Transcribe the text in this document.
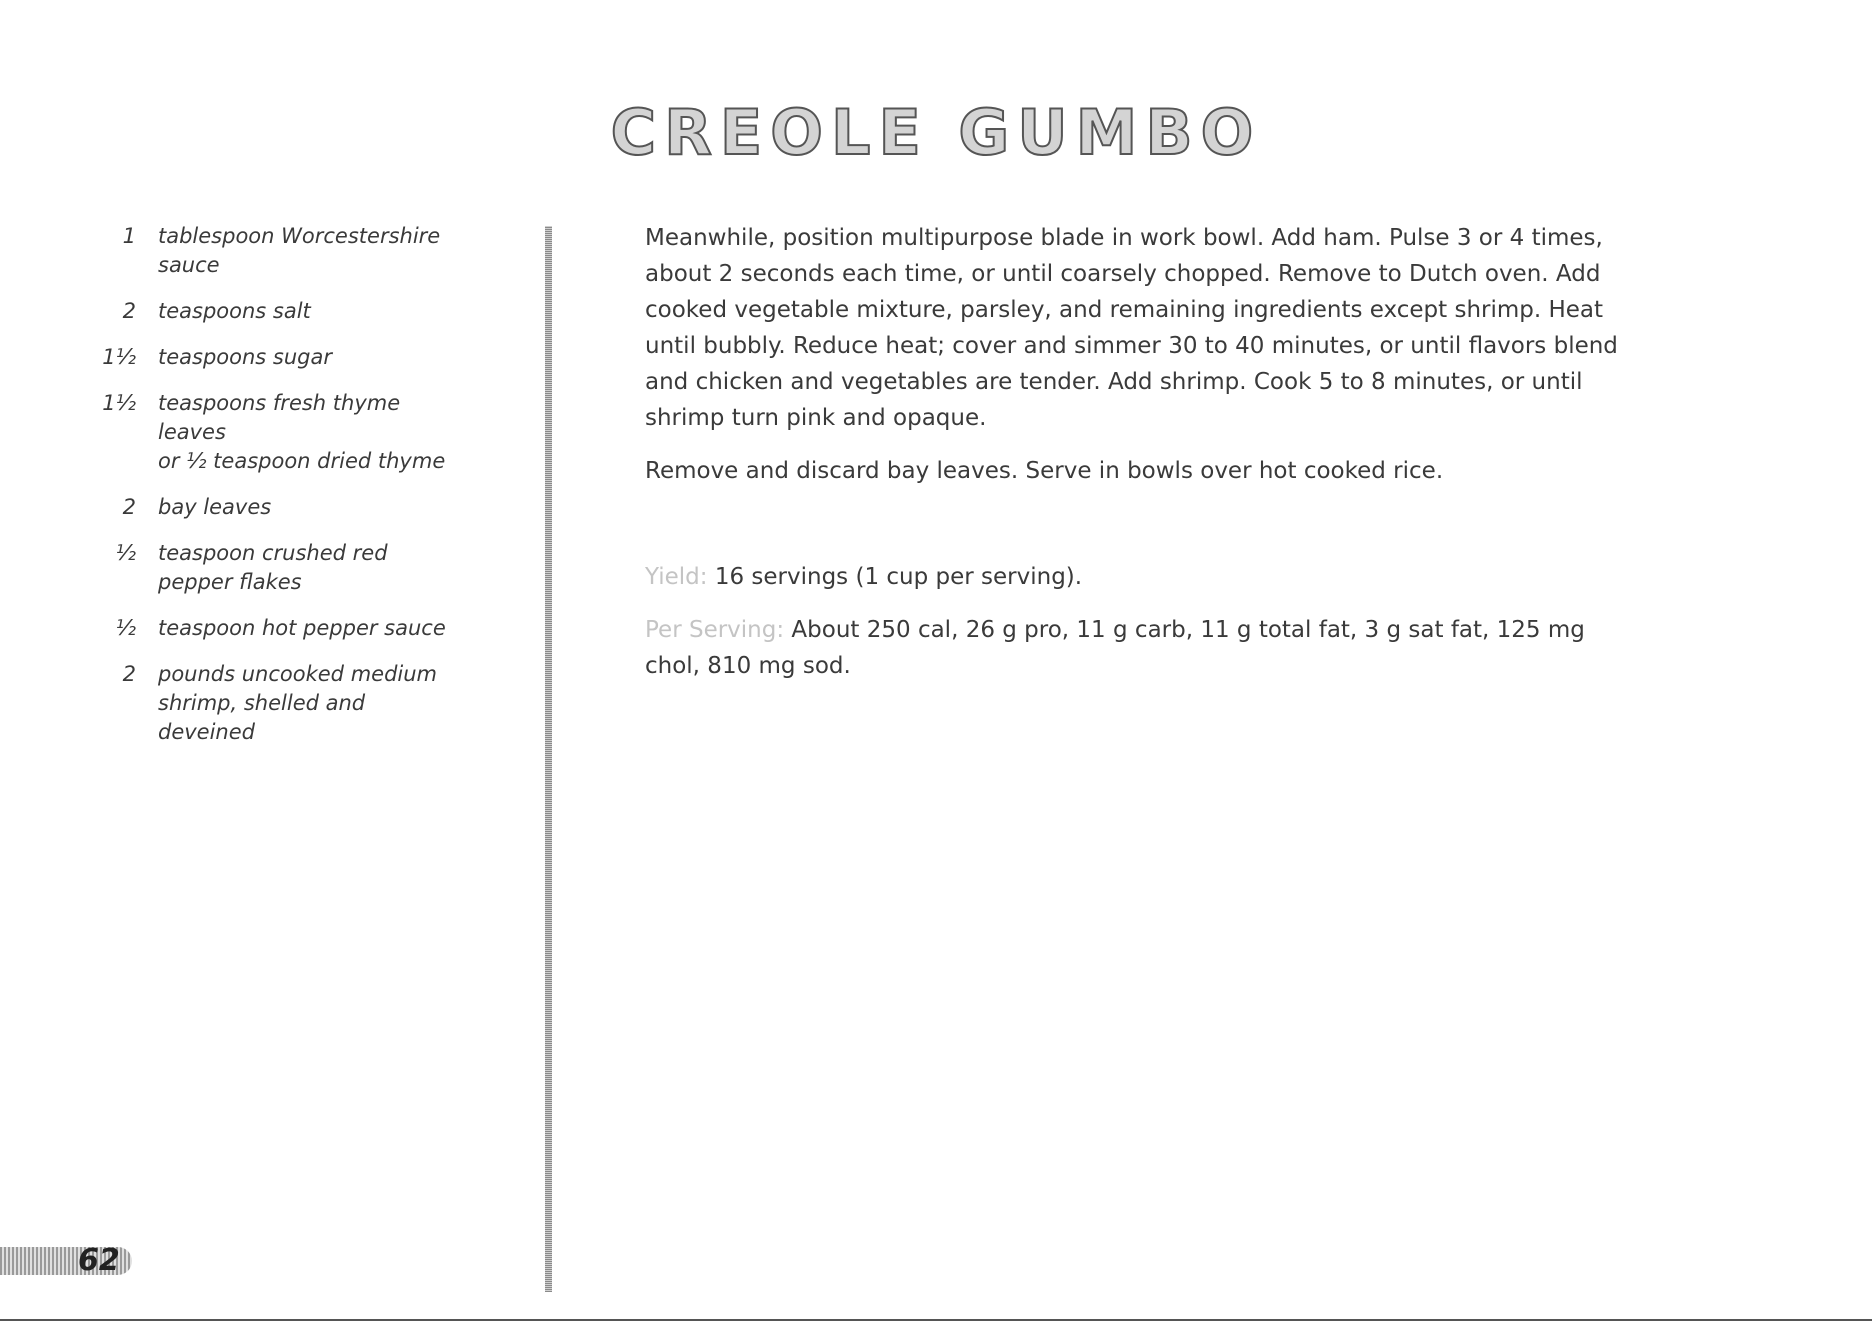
CREOLE GUMBO
1	tablespoon Worcestershire
sauce
2	teaspoons salt
1½	teaspoons sugar
1½	teaspoons fresh thyme leaves
or ½ teaspoon dried thyme
2	bay leaves
½	teaspoon crushed red
pepper flakes
½	teaspoon hot pepper sauce
2	pounds uncooked medium
shrimp, shelled and deveined

Meanwhile, position multipurpose blade in work bowl. Add ham. Pulse 3 or 4 times, about 2 seconds each time, or until coarsely chopped. Remove to Dutch oven. Add cooked vegetable mixture, parsley, and remaining ingredients except shrimp. Heat until bubbly. Reduce heat; cover and simmer 30 to 40 minutes, or until flavors blend and chicken and vegetables are tender. Add shrimp. Cook 5 to 8 minutes, or until shrimp turn pink and opaque.

Remove and discard bay leaves. Serve in bowls over hot cooked rice.

Yield: 16 servings (1 cup per serving).

Per Serving: About 250 cal, 26 g pro, 11 g carb, 11 g total fat, 3 g sat fat, 125 mg chol, 810 mg sod.

62
